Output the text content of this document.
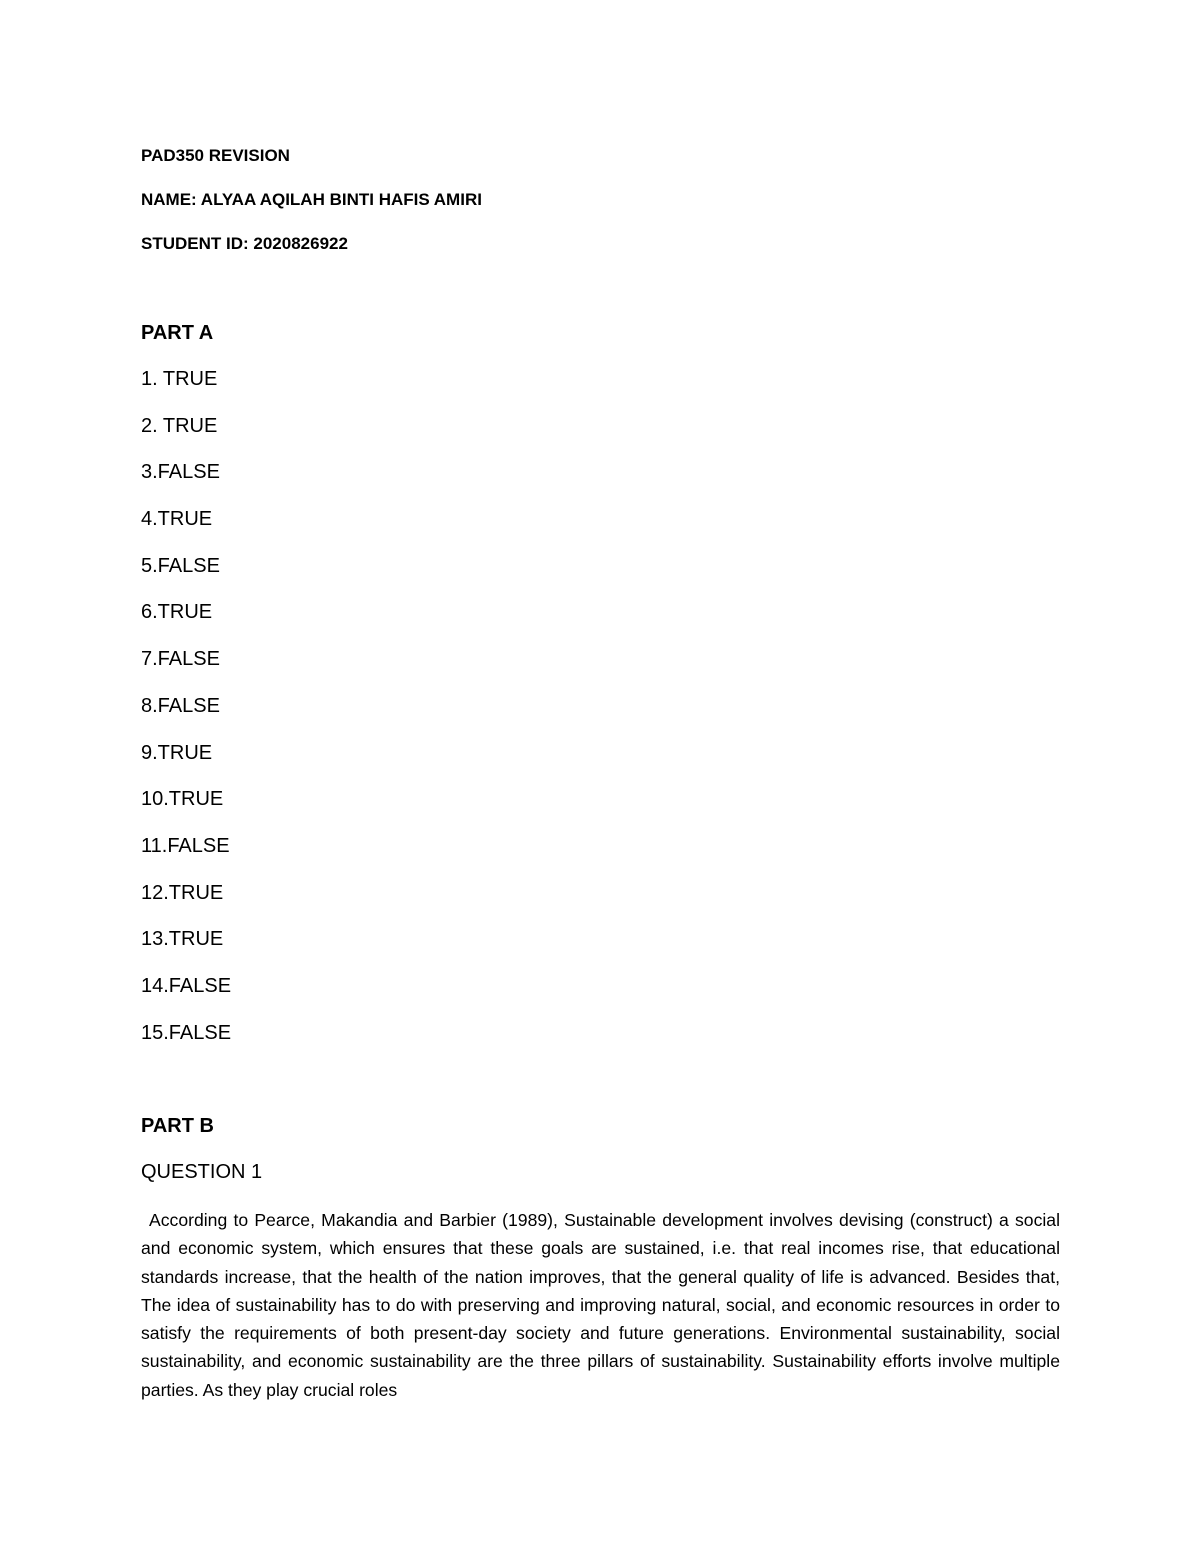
PAD350 REVISION
NAME: ALYAA AQILAH BINTI HAFIS AMIRI
STUDENT ID: 2020826922
PART A
1. TRUE
2. TRUE
3.FALSE
4.TRUE
5.FALSE
6.TRUE
7.FALSE
8.FALSE
9.TRUE
10.TRUE
11.FALSE
12.TRUE
13.TRUE
14.FALSE
15.FALSE
PART B
QUESTION 1

According to Pearce, Makandia and Barbier (1989), Sustainable development involves devising (construct) a social and economic system, which ensures that these goals are sustained, i.e. that real incomes rise, that educational standards increase, that the health of the nation improves, that the general quality of life is advanced. Besides that, The idea of sustainability has to do with preserving and improving natural, social, and economic resources in order to satisfy the requirements of both present-day society and future generations. Environmental sustainability, social sustainability, and economic sustainability are the three pillars of sustainability. Sustainability efforts involve multiple parties. As they play crucial roles
